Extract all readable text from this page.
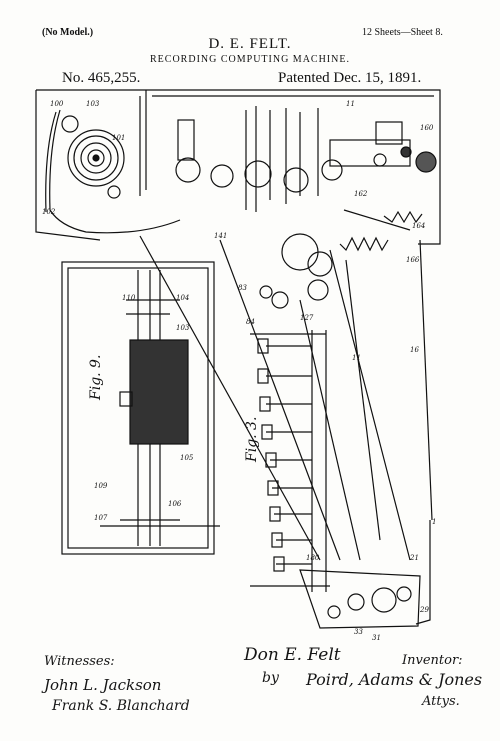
(No Model.)	12 Sheets—Sheet 8.
D. E. FELT.
RECORDING COMPUTING MACHINE.
No. 465,255.	Patented Dec. 15, 1891.
100	103
102
101
11
160
164
162
166
16
11
141
83
127
84
1
21
180
110	104
103
105
107
109
106
33
31
29
Fig. 9.
Fig. 3.
Witnesses:
John L. Jackson
Frank S. Blanchard
Don E. Felt	Inventor:
by Poird, Adams & Jones
Attys.
